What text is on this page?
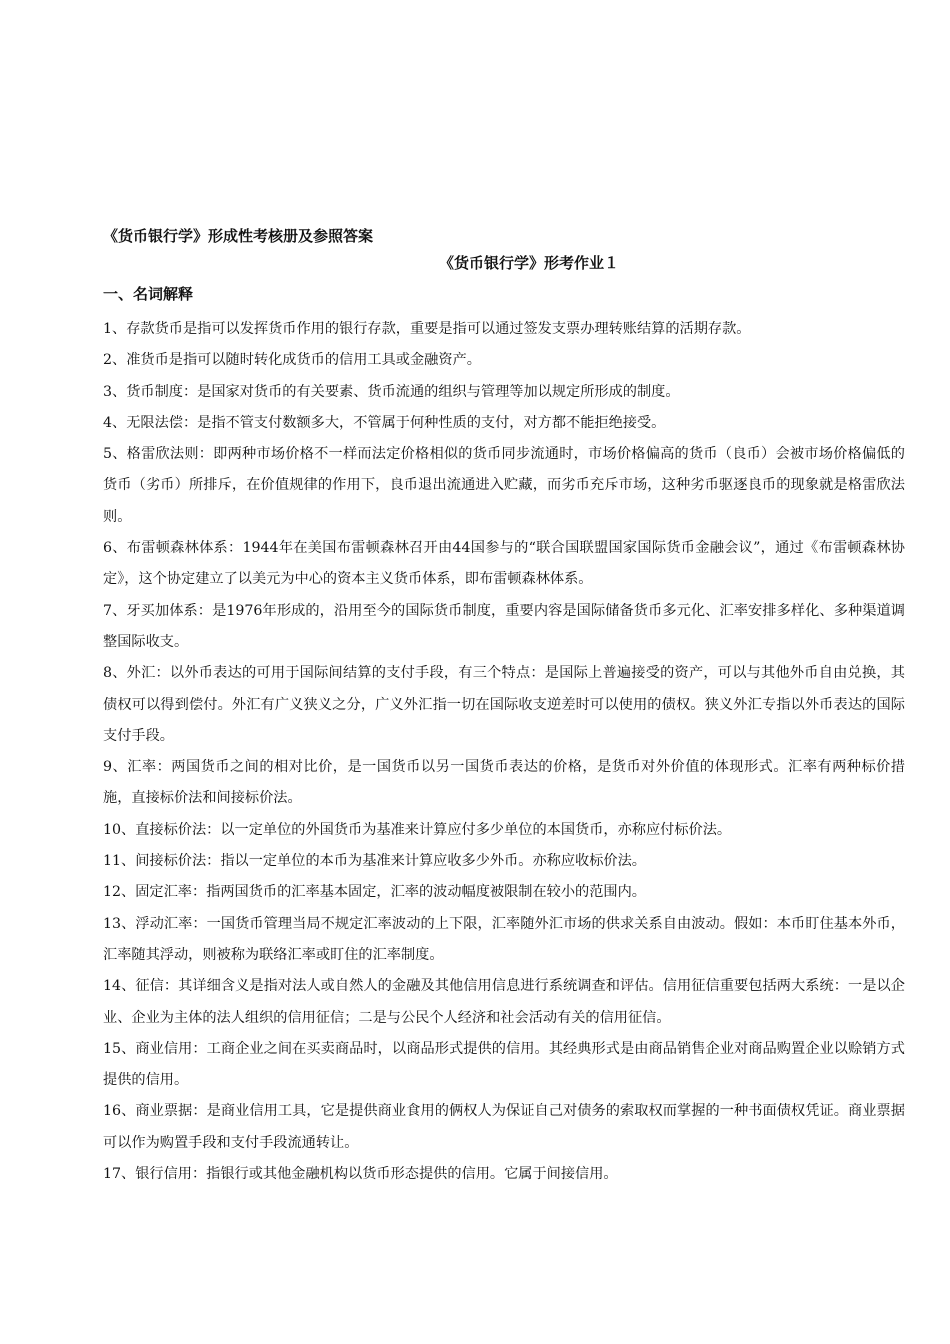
《货币银行学》形成性考核册及参照答案
《货币银行学》形考作业１
一、名词解释

1、存款货币是指可以发挥货币作用的银行存款，重要是指可以通过签发支票办理转账结算的活期存款。

2、准货币是指可以随时转化成货币的信用工具或金融资产。

3、货币制度：是国家对货币的有关要素、货币流通的组织与管理等加以规定所形成的制度。

4、无限法偿：是指不管支付数额多大，不管属于何种性质的支付，对方都不能拒绝接受。

5、格雷欣法则：即两种市场价格不一样而法定价格相似的货币同步流通时，市场价格偏高的货币（良币）会被市场价格偏低的货币（劣币）所排斥，在价值规律的作用下，良币退出流通进入贮藏，而劣币充斥市场，这种劣币驱逐良币的现象就是格雷欣法则。

6、布雷顿森林体系：1944年在美国布雷顿森林召开由44国参与的“联合国联盟国家国际货币金融会议”，通过《布雷顿森林协定》，这个协定建立了以美元为中心的资本主义货币体系，即布雷顿森林体系。

7、牙买加体系：是1976年形成的，沿用至今的国际货币制度，重要内容是国际储备货币多元化、汇率安排多样化、多种渠道调整国际收支。

8、外汇：以外币表达的可用于国际间结算的支付手段，有三个特点：是国际上普遍接受的资产，可以与其他外币自由兑换，其债权可以得到偿付。外汇有广义狭义之分，广义外汇指一切在国际收支逆差时可以使用的债权。狭义外汇专指以外币表达的国际支付手段。

9、汇率：两国货币之间的相对比价，是一国货币以另一国货币表达的价格，是货币对外价值的体现形式。汇率有两种标价措施，直接标价法和间接标价法。

10、直接标价法：以一定单位的外国货币为基准来计算应付多少单位的本国货币，亦称应付标价法。

11、间接标价法：指以一定单位的本币为基准来计算应收多少外币。亦称应收标价法。

12、固定汇率：指两国货币的汇率基本固定，汇率的波动幅度被限制在较小的范围内。

13、浮动汇率：一国货币管理当局不规定汇率波动的上下限，汇率随外汇市场的供求关系自由波动。假如：本币盯住基本外币，汇率随其浮动，则被称为联络汇率或盯住的汇率制度。

14、征信：其详细含义是指对法人或自然人的金融及其他信用信息进行系统调查和评估。信用征信重要包括两大系统：一是以企业、企业为主体的法人组织的信用征信；二是与公民个人经济和社会活动有关的信用征信。

15、商业信用：工商企业之间在买卖商品时，以商品形式提供的信用。其经典形式是由商品销售企业对商品购置企业以赊销方式提供的信用。

16、商业票据：是商业信用工具，它是提供商业食用的俩权人为保证自己对债务的索取权而掌握的一种书面债权凭证。商业票据可以作为购置手段和支付手段流通转让。

17、银行信用：指银行或其他金融机构以货币形态提供的信用。它属于间接信用。
